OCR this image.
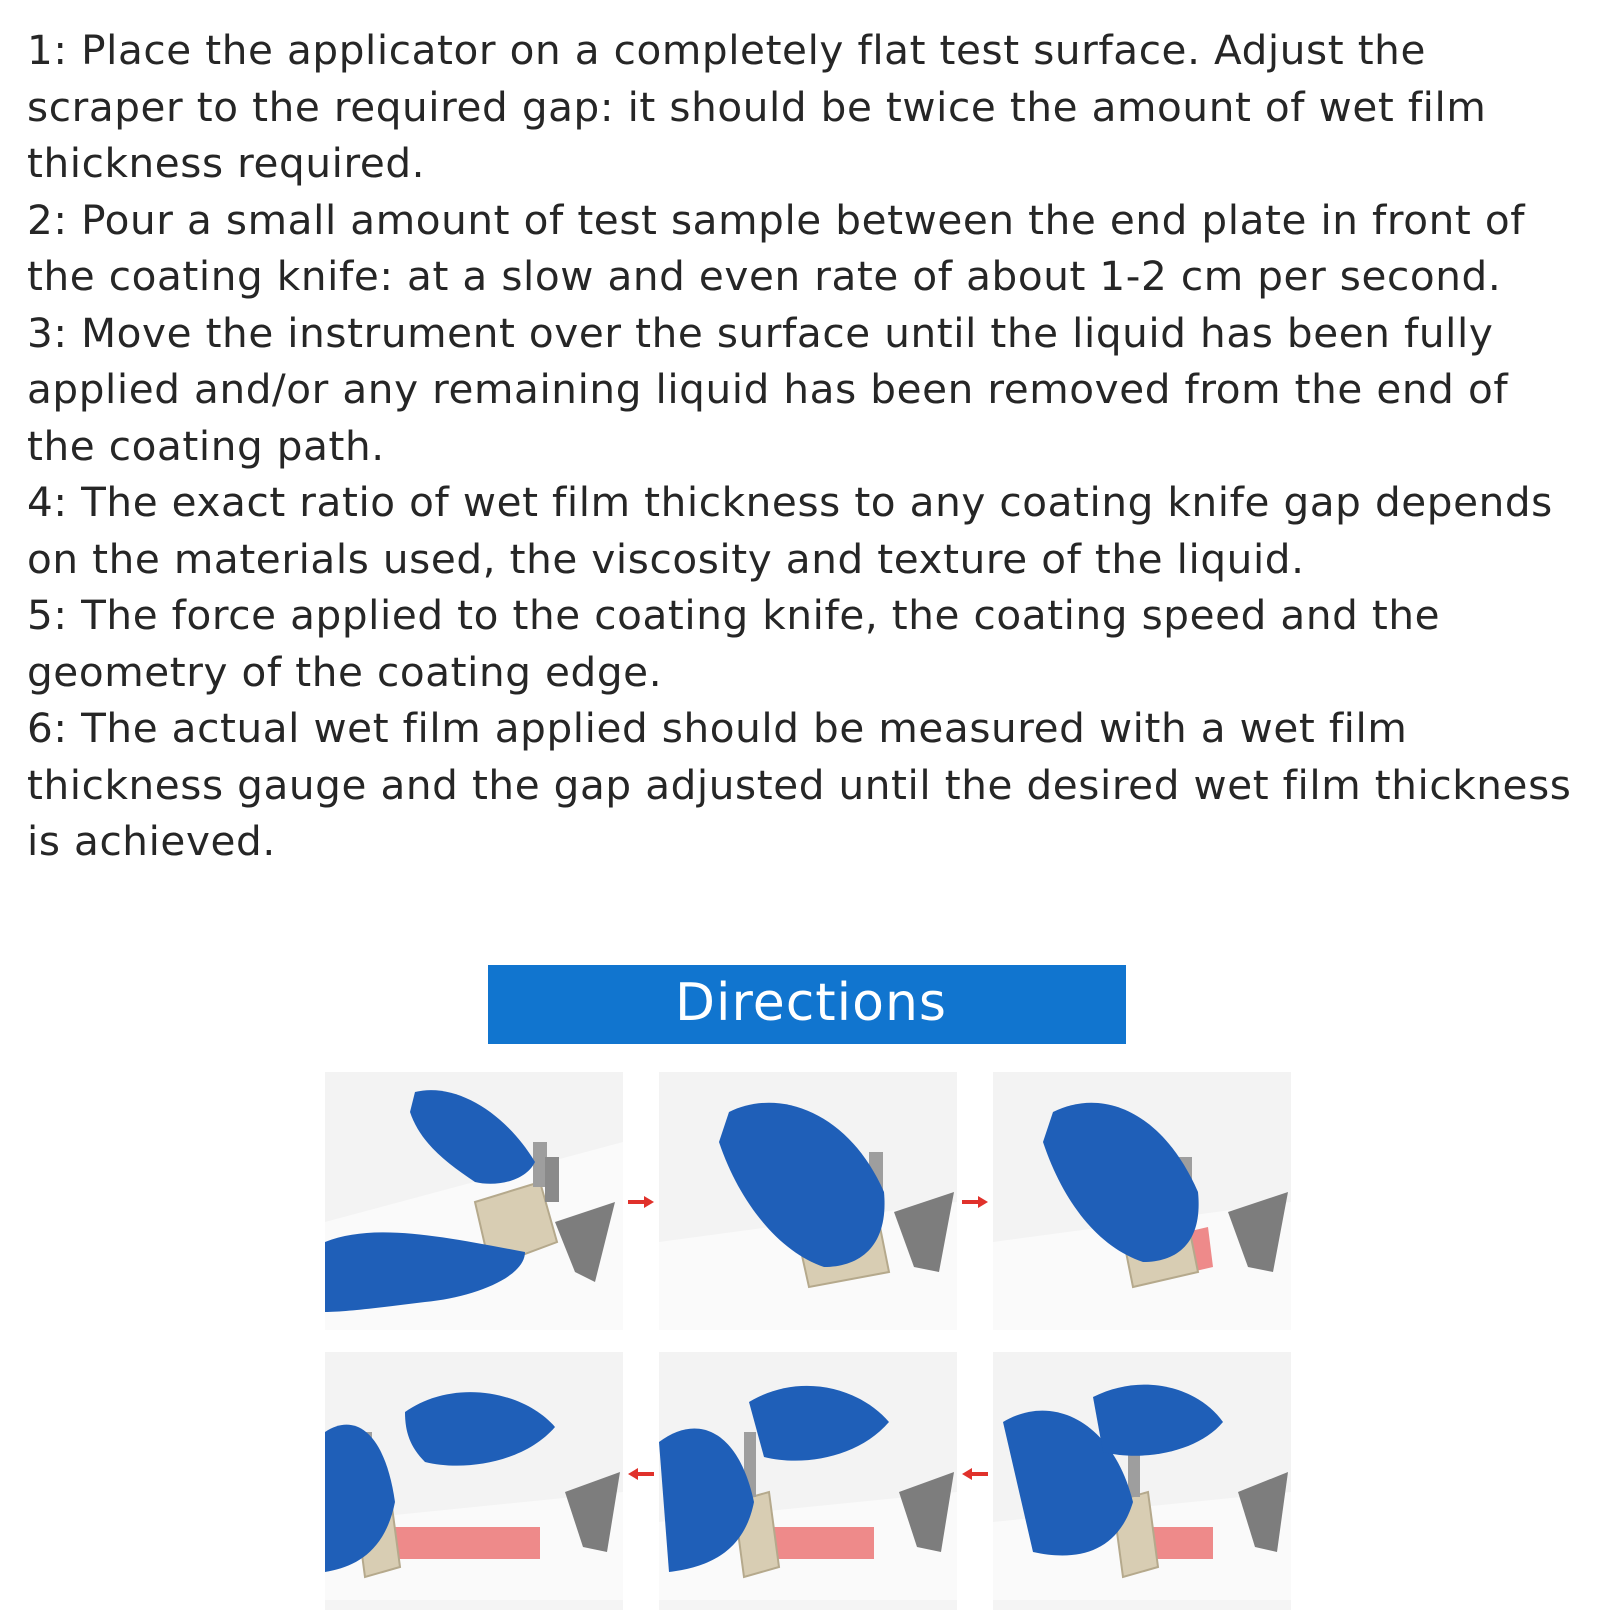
1: Place the applicator on a completely flat test surface. Adjust the scraper to the required gap: it should be twice the amount of wet film thickness required.

2: Pour a small amount of test sample between the end plate in front of the coating knife: at a slow and even rate of about 1-2 cm per second.

3: Move the instrument over the surface until the liquid has been fully applied and/or any remaining liquid has been removed from the end of the coating path.

4: The exact ratio of wet film thickness to any coating knife gap depends on the materials used, the viscosity and texture of the liquid.

5: The force applied to the coating knife, the coating speed and the geometry of the coating edge.

6: The actual wet film applied should be measured with a wet film thickness gauge and the gap adjusted until the desired wet film thickness is achieved.

Directions
